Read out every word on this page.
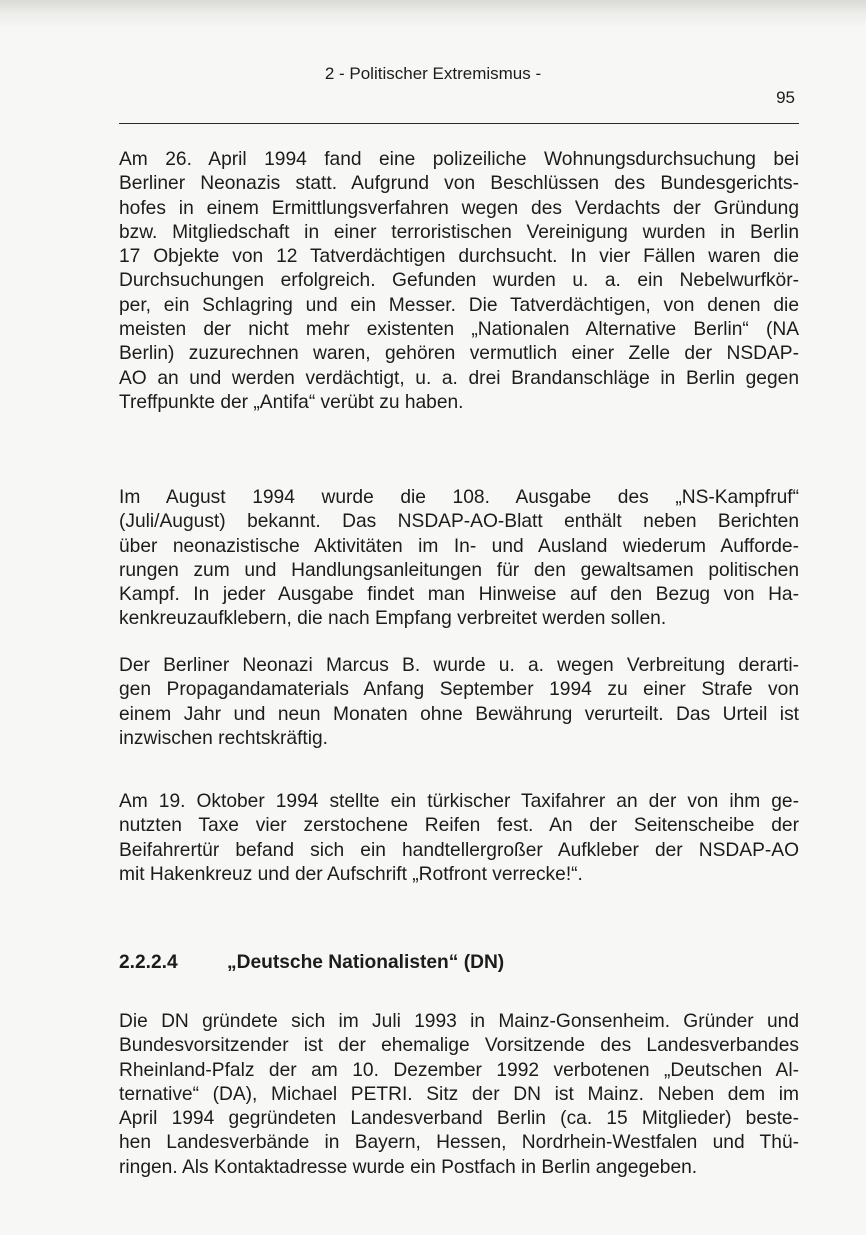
2 - Politischer Extremismus -
95
Am 26. April 1994 fand eine polizeiliche Wohnungsdurchsuchung bei
Berliner Neonazis statt. Aufgrund von Beschlüssen des Bundesgerichts-
hofes in einem Ermittlungsverfahren wegen des Verdachts der Gründung
bzw. Mitgliedschaft in einer terroristischen Vereinigung wurden in Berlin
17 Objekte von 12 Tatverdächtigen durchsucht. In vier Fällen waren die
Durchsuchungen erfolgreich. Gefunden wurden u. a. ein Nebelwurfkör-
per, ein Schlagring und ein Messer. Die Tatverdächtigen, von denen die
meisten der nicht mehr existenten „Nationalen Alternative Berlin“ (NA
Berlin) zuzurechnen waren, gehören vermutlich einer Zelle der NSDAP-
AO an und werden verdächtigt, u. a. drei Brandanschläge in Berlin gegen
Treffpunkte der „Antifa“ verübt zu haben.
Im August 1994 wurde die 108. Ausgabe des „NS-Kampfruf“
(Juli/August) bekannt. Das NSDAP-AO-Blatt enthält neben Berichten
über neonazistische Aktivitäten im In- und Ausland wiederum Aufforde-
rungen zum und Handlungsanleitungen für den gewaltsamen politischen
Kampf. In jeder Ausgabe findet man Hinweise auf den Bezug von Ha-
kenkreuzaufklebern, die nach Empfang verbreitet werden sollen.
Der Berliner Neonazi Marcus B. wurde u. a. wegen Verbreitung derarti-
gen Propagandamaterials Anfang September 1994 zu einer Strafe von
einem Jahr und neun Monaten ohne Bewährung verurteilt. Das Urteil ist
inzwischen rechtskräftig.
Am 19. Oktober 1994 stellte ein türkischer Taxifahrer an der von ihm ge-
nutzten Taxe vier zerstochene Reifen fest. An der Seitenscheibe der
Beifahrertür befand sich ein handtellergroßer Aufkleber der NSDAP-AO
mit Hakenkreuz und der Aufschrift „Rotfront verrecke!“.
2.2.2.4	„Deutsche Nationalisten“ (DN)
Die DN gründete sich im Juli 1993 in Mainz-Gonsenheim. Gründer und
Bundesvorsitzender ist der ehemalige Vorsitzende des Landesverbandes
Rheinland-Pfalz der am 10. Dezember 1992 verbotenen „Deutschen Al-
ternative“ (DA), Michael PETRI. Sitz der DN ist Mainz. Neben dem im
April 1994 gegründeten Landesverband Berlin (ca. 15 Mitglieder) beste-
hen Landesverbände in Bayern, Hessen, Nordrhein-Westfalen und Thü-
ringen. Als Kontaktadresse wurde ein Postfach in Berlin angegeben.
